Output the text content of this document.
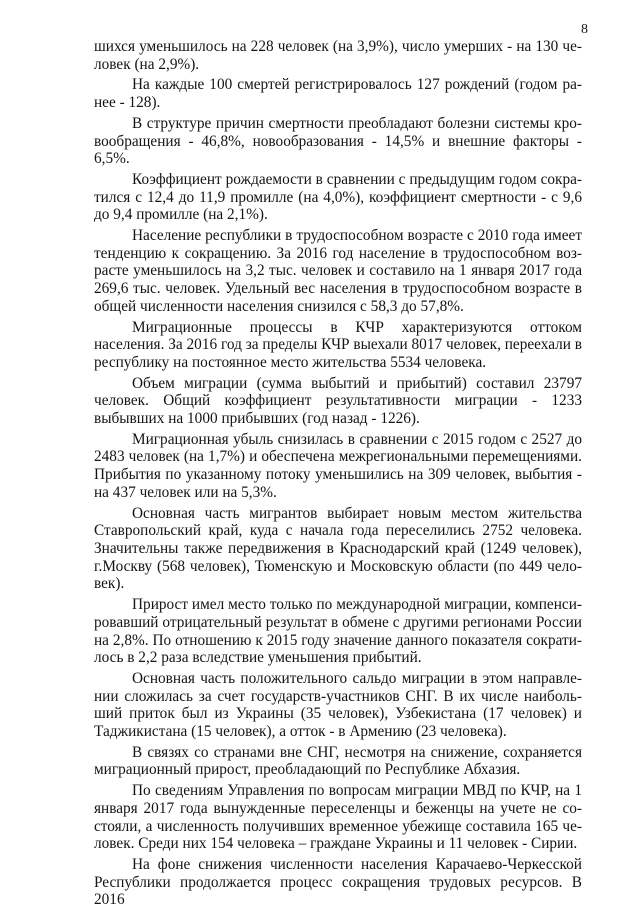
8

шихся уменьшилось на 228 человек (на 3,9%), число умерших - на 130 человек (на 2,9%).

На каждые 100 смертей регистрировалось 127 рождений (годом ранее - 128).

В структуре причин смертности преобладают болезни системы кровообращения - 46,8%, новообразования - 14,5% и внешние факторы - 6,5%.

Коэффициент рождаемости в сравнении с предыдущим годом сократился с 12,4 до 11,9 промилле (на 4,0%), коэффициент смертности - с 9,6 до 9,4 промилле (на 2,1%).

Население республики в трудоспособном возрасте с 2010 года имеет тенденцию к сокращению. За 2016 год население в трудоспособном возрасте уменьшилось на 3,2 тыс. человек и составило на 1 января 2017 года 269,6 тыс. человек. Удельный вес населения в трудоспособном возрасте в общей численности населения снизился с 58,3 до 57,8%.

Миграционные процессы в КЧР характеризуются оттоком населения. За 2016 год за пределы КЧР выехали 8017 человек, переехали в республику на постоянное место жительства 5534 человека.

Объем миграции (сумма выбытий и прибытий) составил 23797 человек. Общий коэффициент результативности миграции - 1233 выбывших на 1000 прибывших (год назад - 1226).

Миграционная убыль снизилась в сравнении с 2015 годом с 2527 до 2483 человек (на 1,7%) и обеспечена межрегиональными перемещениями. Прибытия по указанному потоку уменьшились на 309 человек, выбытия - на 437 человек или на 5,3%.

Основная часть мигрантов выбирает новым местом жительства Ставропольский край, куда с начала года переселились 2752 человека. Значительны также передвижения в Краснодарский край (1249 человек), г.Москву (568 человек), Тюменскую и Московскую области (по 449 человек).

Прирост имел место только по международной миграции, компенсировавший отрицательный результат в обмене с другими регионами России на 2,8%. По отношению к 2015 году значение данного показателя сократилось в 2,2 раза вследствие уменьшения прибытий.

Основная часть положительного сальдо миграции в этом направлении сложилась за счет государств-участников СНГ. В их числе наибольший приток был из Украины (35 человек), Узбекистана (17 человек) и Таджикистана (15 человек), а отток - в Армению (23 человека).

В связях со странами вне СНГ, несмотря на снижение, сохраняется миграционный прирост, преобладающий по Республике Абхазия.

По сведениям Управления по вопросам миграции МВД по КЧР, на 1 января 2017 года вынужденные переселенцы и беженцы на учете не состояли, а численность получивших временное убежище составила 165 человек. Среди них 154 человека – граждане Украины и 11 человек - Сирии.

На фоне снижения численности населения Карачаево-Черкесской Республики продолжается процесс сокращения трудовых ресурсов. В 2016
